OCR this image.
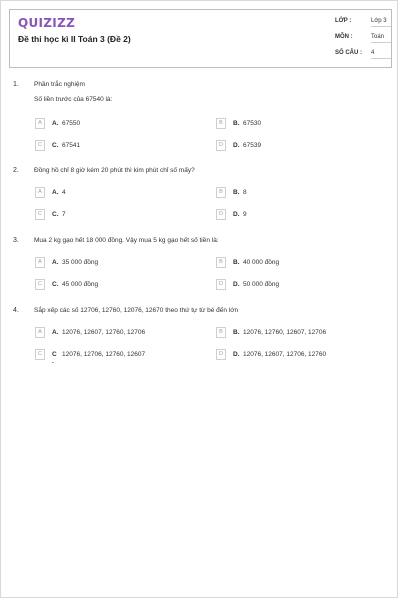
QUIZIZZ
Đề thi học kì II Toán 3 (Đề 2)
LỚP :	Lớp 3
MÔN :	Toán
SỐ CÂU : 4
1. Phần trắc nghiệm
Số liền trước của 67540 là:
A	A. 67550	B	B. 67530
C	C. 67541	D	D. 67539
2. Đồng hồ chỉ 8 giờ kém 20 phút thì kim phút chỉ số mấy?
A	A. 4	B	B. 8
C	C. 7	D	D. 9
3. Mua 2 kg gạo hết 18 000 đồng. Vậy mua 5 kg gạo hết số tiền là:
A	A. 35 000 đồng	B	B. 40 000 đồng
C	C. 45 000 đồng	D	D. 50 000 đồng
4. Sắp xếp các số 12706, 12760, 12076, 12670 theo thứ tự từ bé đến lớn
A	A. 12076, 12607, 12760, 12706	B	B. 12076, 12760, 12607, 12706
C	C .
12076, 12706, 12760, 12607	D	D. 12076, 12607, 12706, 12760
